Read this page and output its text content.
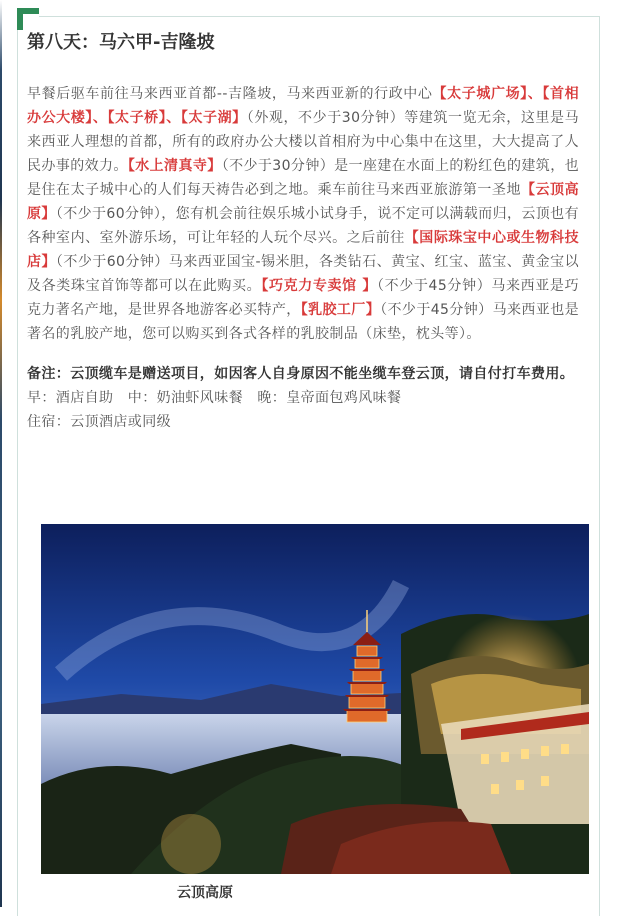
第八天：马六甲-吉隆坡
早餐后驱车前往马来西亚首都--吉隆坡，马来西亚新的行政中心【太子城广场】、【首相办公大楼】、【太子桥】、【太子湖】（外观，不少于30分钟）等建筑一览无余，这里是马来西亚人理想的首都，所有的政府办公大楼以首相府为中心集中在这里，大大提高了人民办事的效力。【水上清真寺】（不少于30分钟）是一座建在水面上的粉红色的建筑，也是住在太子城中心的人们每天祷告必到之地。乘车前往马来西亚旅游第一圣地【云顶高原】（不少于60分钟），您有机会前往娱乐城小试身手，说不定可以满载而归，云顶也有各种室内、室外游乐场，可让年轻的人玩个尽兴。之后前往【国际珠宝中心或生物科技店】（不少于60分钟）马来西亚国宝-锡米胆，各类钻石、黄宝、红宝、蓝宝、黄金宝以及各类珠宝首饰等都可以在此购买。【巧克力专卖馆 】（不少于45分钟）马来西亚是巧克力著名产地，是世界各地游客必买特产，【乳胶工厂】（不少于45分钟）马来西亚也是著名的乳胶产地，您可以购买到各式各样的乳胶制品（床垫，枕头等）。
备注：云顶缆车是赠送项目，如因客人自身原因不能坐缆车登云顶，请自付打车费用。
早：酒店自助　中：奶油虾风味餐　晚：皇帝面包鸡风味餐
住宿：云顶酒店或同级
云顶高原
